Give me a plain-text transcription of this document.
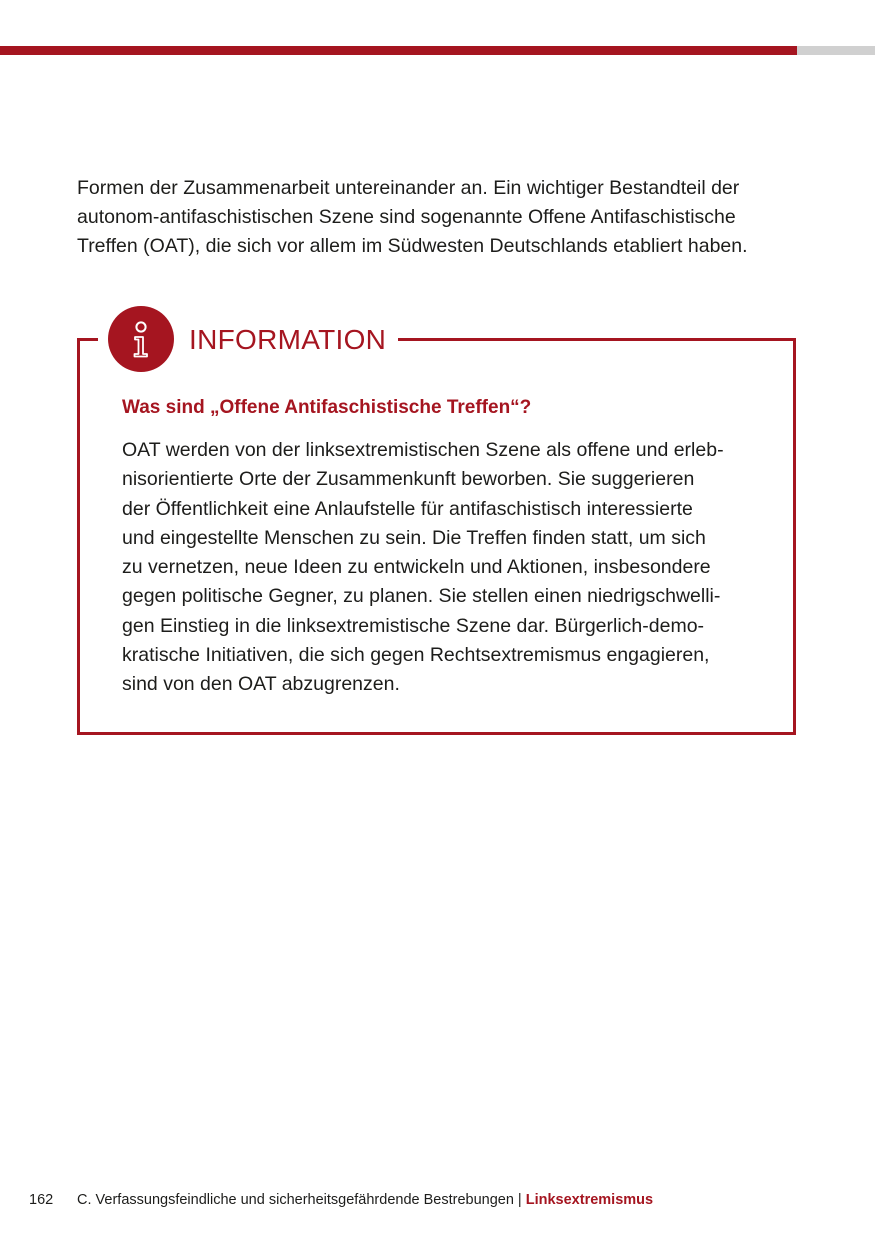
Formen der Zusammenarbeit untereinander an. Ein wichtiger Bestandteil der
autonom-antifaschistischen Szene sind sogenannte Offene Antifaschistische
Treffen (OAT), die sich vor allem im Südwesten Deutschlands etabliert haben.

INFORMATION

Was sind „Offene Antifaschistische Treffen“?

OAT werden von der linksextremistischen Szene als offene und erleb-
nisorientierte Orte der Zusammenkunft beworben. Sie suggerieren
der Öffentlichkeit eine Anlaufstelle für antifaschistisch interessierte
und eingestellte Menschen zu sein. Die Treffen finden statt, um sich
zu vernetzen, neue Ideen zu entwickeln und Aktionen, insbesondere
gegen politische Gegner, zu planen. Sie stellen einen niedrigschwelli-
gen Einstieg in die linksextremistische Szene dar. Bürgerlich-demo-
kratische Initiativen, die sich gegen Rechtsextremismus engagieren,
sind von den OAT abzugrenzen.

162 C. Verfassungsfeindliche und sicherheitsgefährdende Bestrebungen | Linksextremismus
